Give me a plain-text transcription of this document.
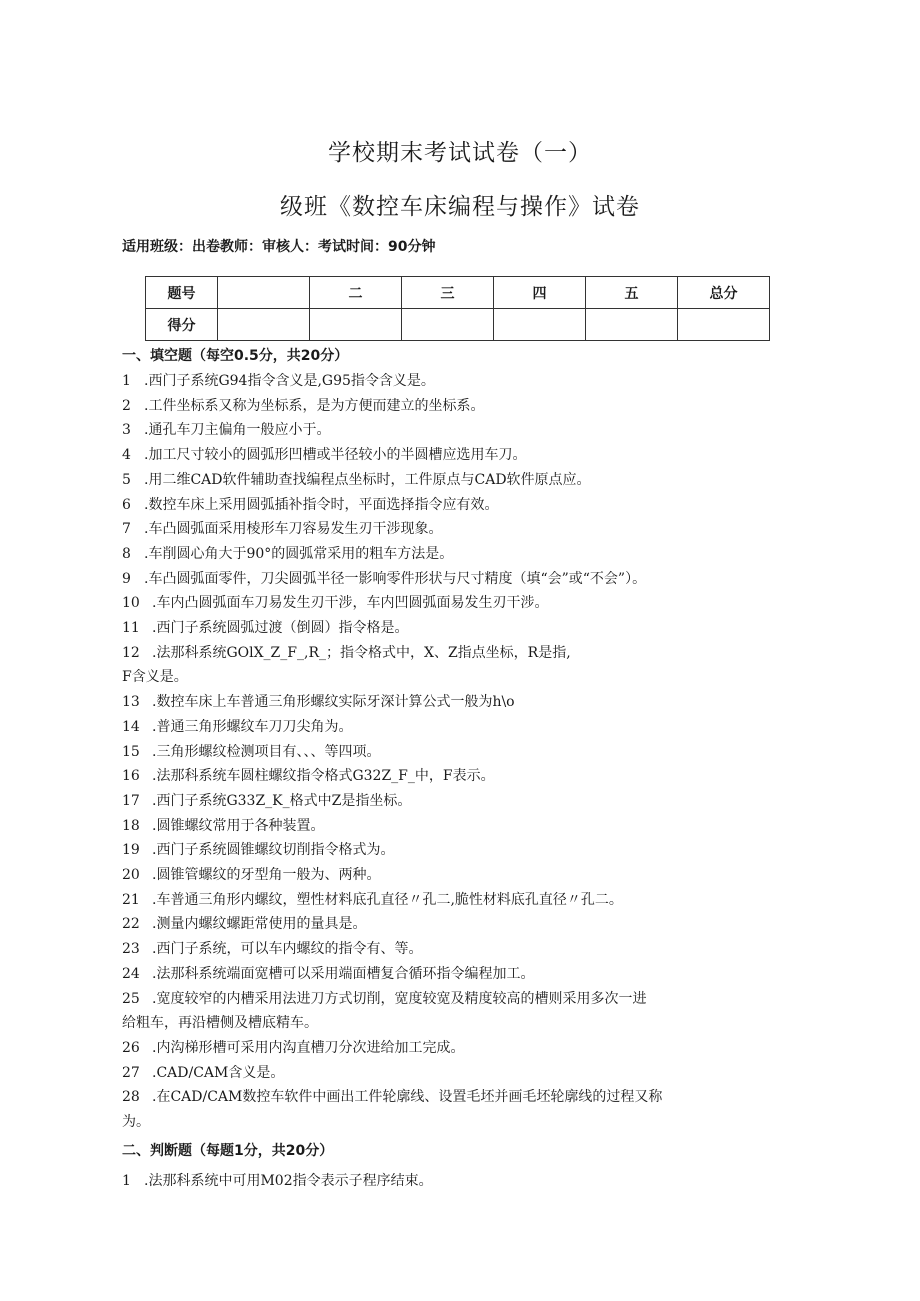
学校期末考试试卷（一）
级班《数控车床编程与操作》试卷
适用班级：出卷教师：审核人：考试时间：90分钟
题号		二	三	四	五	总分
得分						
一、填空题（每空0.5分，共20分）
1 .西门子系统G94指令含义是,G95指令含义是。
2 .工件坐标系又称为坐标系，是为方便而建立的坐标系。
3 .通孔车刀主偏角一般应小于。
4 .加工尺寸较小的圆弧形凹槽或半径较小的半圆槽应选用车刀。
5 .用二维CAD软件辅助查找编程点坐标时，工件原点与CAD软件原点应。
6 .数控车床上采用圆弧插补指令时，平面选择指令应有效。
7 .车凸圆弧面采用棱形车刀容易发生刃干涉现象。
8 .车削圆心角大于90°的圆弧常采用的粗车方法是。
9 .车凸圆弧面零件，刀尖圆弧半径一影响零件形状与尺寸精度（填“会”或“不会”）。
10 .车内凸圆弧面车刀易发生刃干涉，车内凹圆弧面易发生刃干涉。
11 .西门子系统圆弧过渡（倒圆）指令格是。
12 .法那科系统GOlX_Z_F_,R_；指令格式中，X、Z指点坐标，R是指,
F含义是。
13 .数控车床上车普通三角形螺纹实际牙深计算公式一般为h\o
14 .普通三角形螺纹车刀刀尖角为。
15 .三角形螺纹检测项目有、、、等四项。
16 .法那科系统车圆柱螺纹指令格式G32Z_F_中，F表示。
17 .西门子系统G33Z_K_格式中Z是指坐标。
18 .圆锥螺纹常用于各种装置。
19 .西门子系统圆锥螺纹切削指令格式为。
20 .圆锥管螺纹的牙型角一般为、两种。
21 .车普通三角形内螺纹，塑性材料底孔直径〃孔二,脆性材料底孔直径〃孔二。
22 .测量内螺纹螺距常使用的量具是。
23 .西门子系统，可以车内螺纹的指令有、等。
24 .法那科系统端面宽槽可以采用端面槽复合循环指令编程加工。
25 .宽度较窄的内槽采用法进刀方式切削，宽度较宽及精度较高的槽则采用多次一进
给粗车，再沿槽侧及槽底精车。
26 .内沟梯形槽可采用内沟直槽刀分次进给加工完成。
27 .CAD/CAM含义是。
28 .在CAD/CAM数控车软件中画出工件轮廓线、设置毛坯并画毛坯轮廓线的过程又称
为。
二、判断题（每题1分，共20分）
1 .法那科系统中可用M02指令表示子程序结束。
